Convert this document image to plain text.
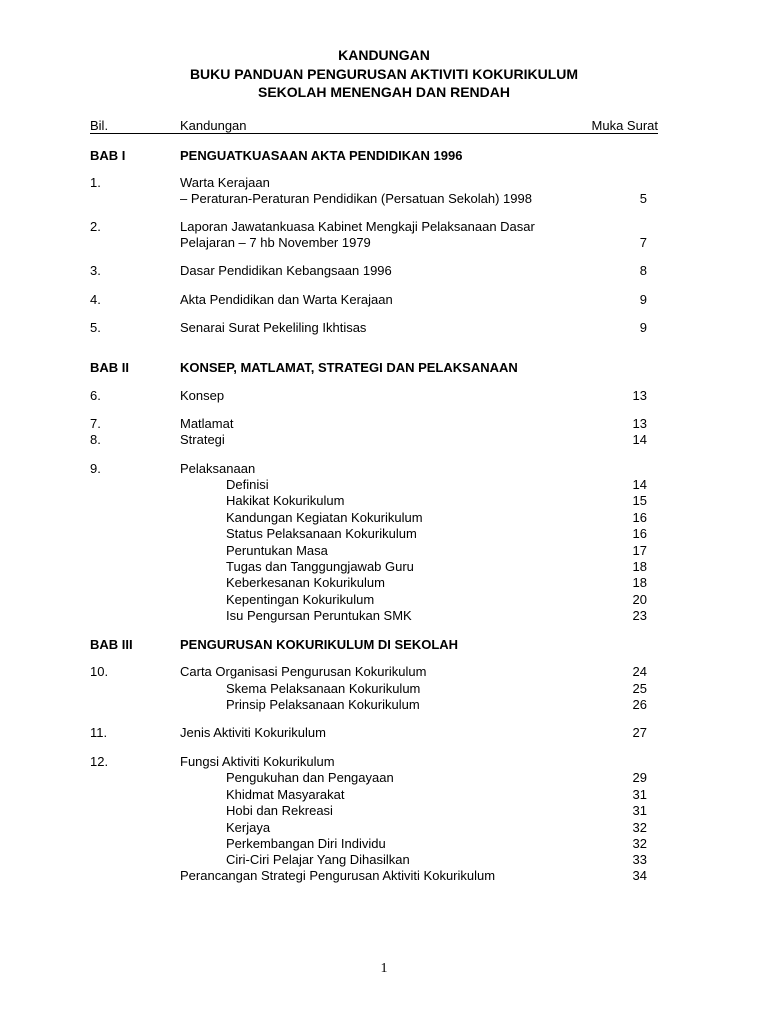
KANDUNGAN
BUKU PANDUAN PENGURUSAN AKTIVITI KOKURIKULUM
SEKOLAH MENENGAH DAN RENDAH
Bil.	Kandungan	Muka Surat
BAB I	PENGUATKUASAAN AKTA PENDIDIKAN 1996
1.	Warta Kerajaan
– Peraturan-Peraturan Pendidikan (Persatuan Sekolah) 1998	5
2.	Laporan Jawatankuasa Kabinet Mengkaji Pelaksanaan Dasar
Pelajaran – 7 hb November 1979	7
3.	Dasar Pendidikan Kebangsaan 1996	8
4.	Akta Pendidikan dan Warta Kerajaan	9
5.	Senarai Surat Pekeliling Ikhtisas	9
BAB II	KONSEP, MATLAMAT, STRATEGI DAN PELAKSANAAN
6.	Konsep	13
7.	Matlamat	13
8.	Strategi	14
9.	Pelaksanaan
Definisi	14
Hakikat Kokurikulum	15
Kandungan Kegiatan Kokurikulum	16
Status Pelaksanaan Kokurikulum	16
Peruntukan Masa	17
Tugas dan Tanggungjawab Guru	18
Keberkesanan Kokurikulum	18
Kepentingan Kokurikulum	20
Isu Pengursan Peruntukan SMK	23
BAB III	PENGURUSAN KOKURIKULUM DI SEKOLAH
10.	Carta Organisasi Pengurusan Kokurikulum	24
Skema Pelaksanaan Kokurikulum	25
Prinsip Pelaksanaan Kokurikulum	26
11.	Jenis Aktiviti Kokurikulum	27
12.	Fungsi Aktiviti Kokurikulum
Pengukuhan dan Pengayaan	29
Khidmat Masyarakat	31
Hobi dan Rekreasi	31
Kerjaya	32
Perkembangan Diri Individu	32
Ciri-Ciri Pelajar Yang Dihasilkan	33
Perancangan Strategi Pengurusan Aktiviti Kokurikulum	34
1
